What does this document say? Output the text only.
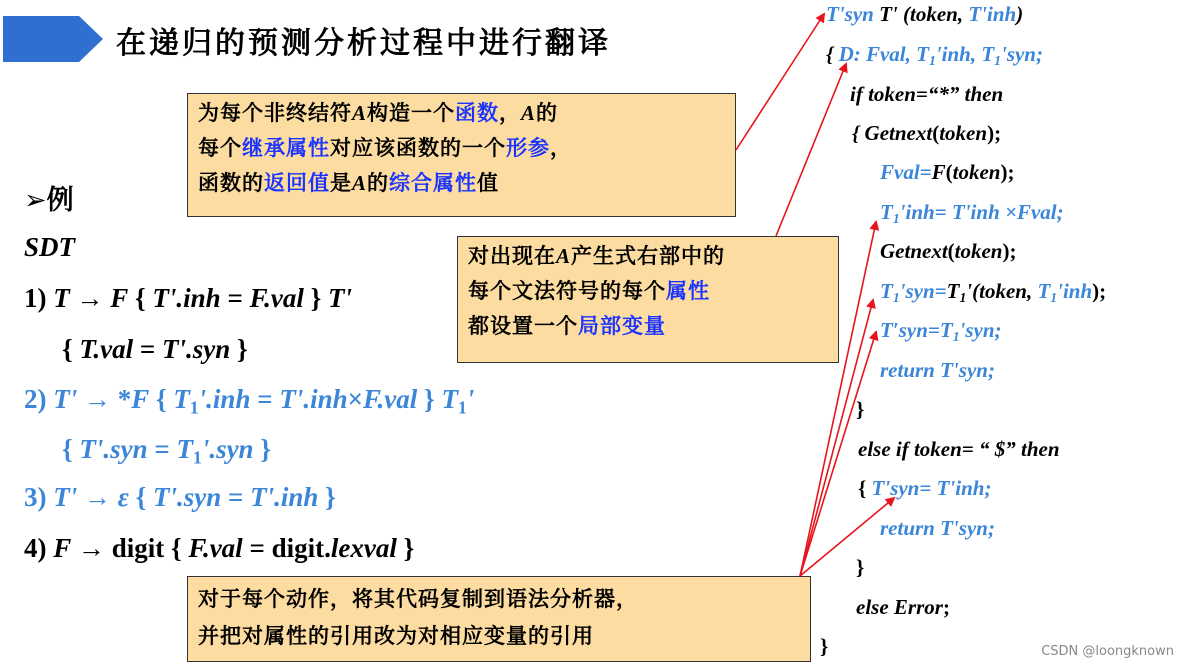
在递归的预测分析过程中进行翻译
为每个非终结符A构造一个函数，A的
每个继承属性对应该函数的一个形参，
函数的返回值是A的综合属性值
对出现在A产生式右部中的
每个文法符号的每个属性
都设置一个局部变量
对于每个动作，将其代码复制到语法分析器，
并把对属性的引用改为对相应变量的引用
➢例
SDT
1) T → F { T'.inh = F.val } T'
{ T.val = T'.syn }
2) T' → *F { $T_1'.inh = T'.inh\times F.val$ } $T_1'$
{ $T'.syn = T_1'.syn$ }
3) T' → ε { T'.syn = T'.inh }
4) F → digit { F.val = digit.lexval }
T'syn T' (token, T'inh)
{ D: Fval, $T_1'inh$, $T_1'syn$;
if token=“*” then
{ Getnext(token);
Fval=F(token);
$T_1'inh= T'inh$ ×Fval;
Getnext(token);
$T_1'syn=T_1'(token$, $T_1'inh$);
$T'syn=T_1'syn$;
return T'syn;
}
else if token= “ $” then
{ T'syn= T'inh;
return T'syn;
}
else Error;
}	CSDN @loongknown
